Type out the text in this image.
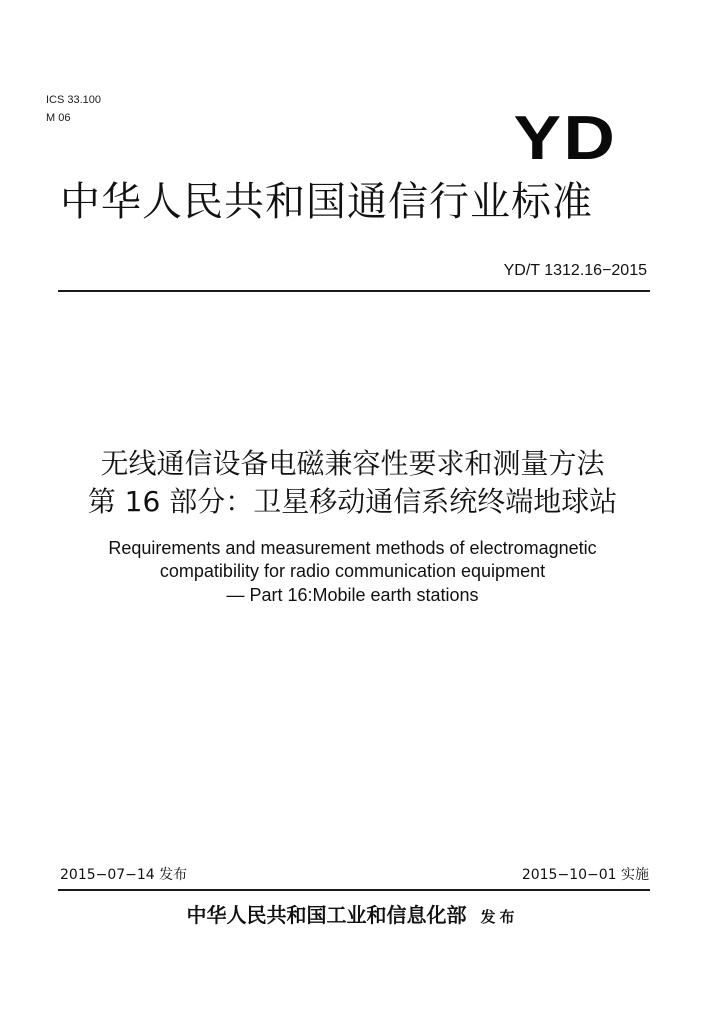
ICS 33.100
M 06	YD
中华人民共和国通信行业标准
YD/T 1312.16−2015
无线通信设备电磁兼容性要求和测量方法
第 16 部分：卫星移动通信系统终端地球站
Requirements and measurement methods of electromagnetic
compatibility for radio communication equipment
— Part 16:Mobile earth stations
2015−07−14 发布	2015−10−01 实施
中华人民共和国工业和信息化部 发布
